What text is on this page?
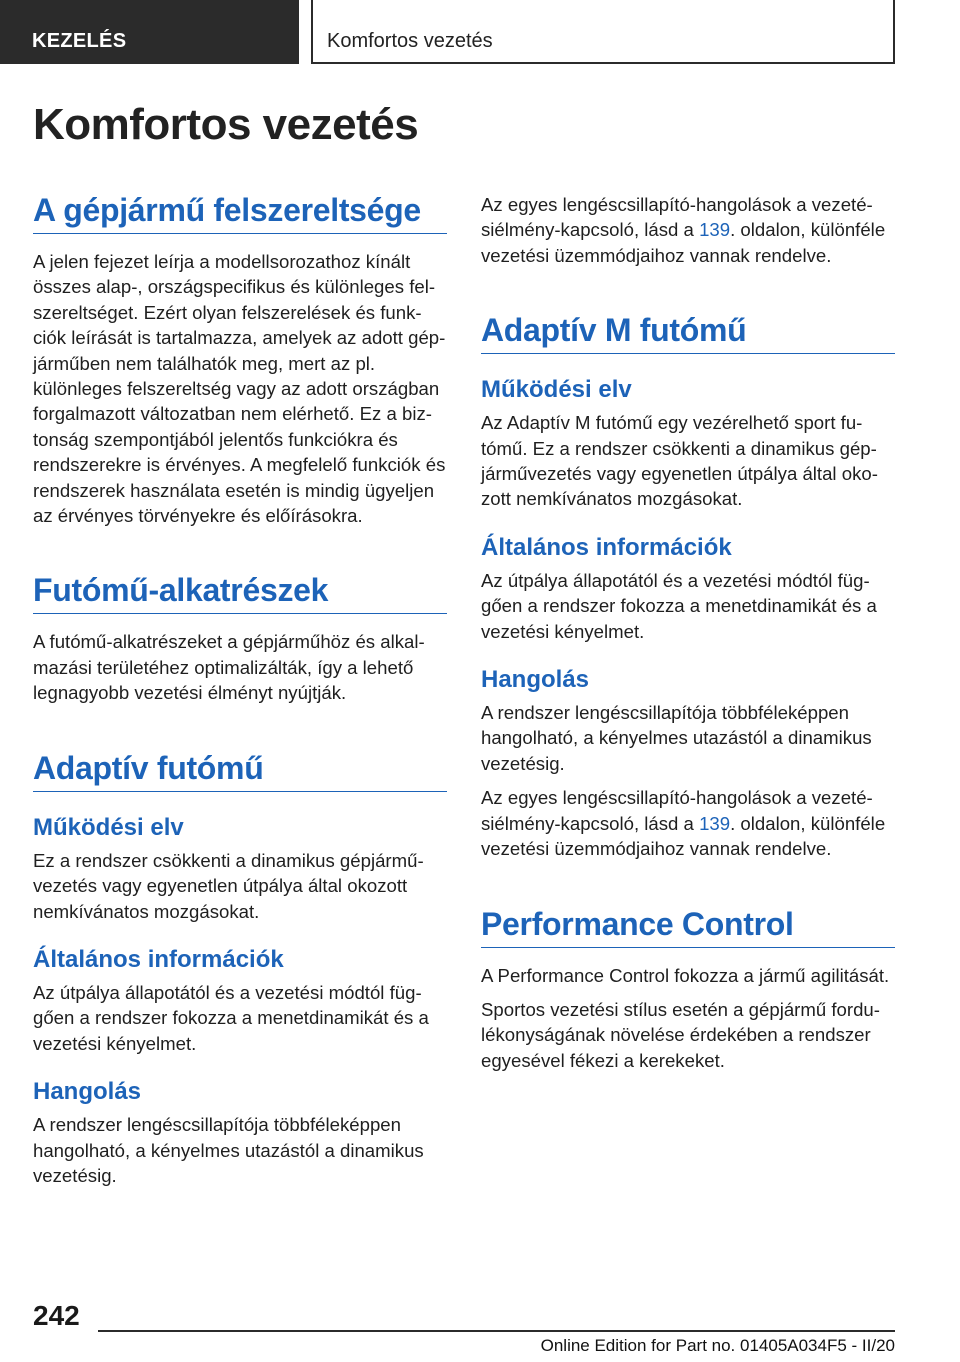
KEZELÉS	Komfortos vezetés
Komfortos vezetés
A gépjármű felszereltsége

A jelen fejezet leírja a modellsorozathoz kínált összes alap-, országspecifikus és különleges felszereltséget. Ezért olyan felszerelések és funkciók leírását is tartalmazza, amelyek az adott gépjárműben nem találhatók meg, mert az pl. különleges felszereltség vagy az adott országban forgalmazott változatban nem elérhető. Ez a biztonság szempontjából jelentős funkciókra és rendszerekre is érvényes. A megfelelő funkciók és rendszerek használata esetén is mindig ügyeljen az érvényes törvényekre és előírásokra.

Futómű-alkatrészek

A futómű-alkatrészeket a gépjárműhöz és alkalmazási területéhez optimalizálták, így a lehető legnagyobb vezetési élményt nyújtják.

Adaptív futómű
Működési elv

Ez a rendszer csökkenti a dinamikus gépjárművezetés vagy egyenetlen útpálya által okozott nemkívánatos mozgásokat.

Általános információk

Az útpálya állapotától és a vezetési módtól függően a rendszer fokozza a menetdinamikát és a vezetési kényelmet.

Hangolás

A rendszer lengéscsillapítója többféleképpen hangolható, a kényelmes utazástól a dinamikus vezetésig.

Az egyes lengéscsillapító-hangolások a vezetésiélmény-kapcsoló, lásd a 139. oldalon, különféle vezetési üzemmódjaihoz vannak rendelve.

Adaptív M futómű
Működési elv

Az Adaptív M futómű egy vezérelhető sport futómű. Ez a rendszer csökkenti a dinamikus gépjárművezetés vagy egyenetlen útpálya által okozott nemkívánatos mozgásokat.

Általános információk

Az útpálya állapotától és a vezetési módtól függően a rendszer fokozza a menetdinamikát és a vezetési kényelmet.

Hangolás

A rendszer lengéscsillapítója többféleképpen hangolható, a kényelmes utazástól a dinamikus vezetésig.

Az egyes lengéscsillapító-hangolások a vezetésiélmény-kapcsoló, lásd a 139. oldalon, különféle vezetési üzemmódjaihoz vannak rendelve.

Performance Control

A Performance Control fokozza a jármű agilitását.

Sportos vezetési stílus esetén a gépjármű fordulékonyságának növelése érdekében a rendszer egyesével fékezi a kerekeket.

242
Online Edition for Part no. 01405A034F5 - II/20
